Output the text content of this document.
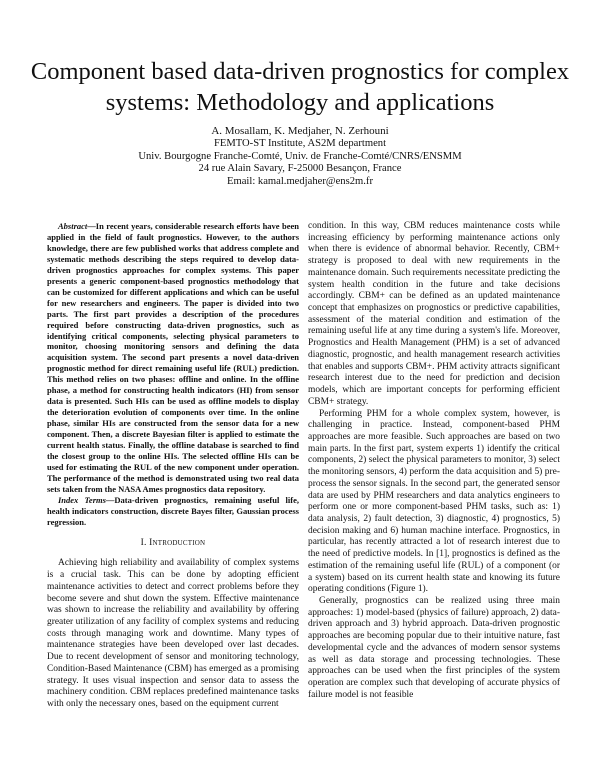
Component based data-driven prognostics for complex systems: Methodology and applications
A. Mosallam, K. Medjaher, N. Zerhouni
FEMTO-ST Institute, AS2M department
Univ. Bourgogne Franche-Comté, Univ. de Franche-Comté/CNRS/ENSMM
24 rue Alain Savary, F-25000 Besançon, France
Email: kamal.medjaher@ens2m.fr

Abstract—In recent years, considerable research efforts have been applied in the field of fault prognostics. However, to the authors knowledge, there are few published works that address complete and systematic methods describing the steps required to develop data-driven prognostics approaches for complex systems. This paper presents a generic component-based prognostics methodology that can be customized for different applications and which can be useful for new researchers and engineers. The paper is divided into two parts. The first part provides a description of the procedures required before constructing data-driven prognostics, such as identifying critical components, selecting physical parameters to monitor, choosing monitoring sensors and defining the data acquisition system. The second part presents a novel data-driven prognostic method for direct remaining useful life (RUL) prediction. This method relies on two phases: offline and online. In the offline phase, a method for constructing health indicators (HI) from sensor data is presented. Such HIs can be used as offline models to display the deterioration evolution of components over time. In the online phase, similar HIs are constructed from the sensor data for a new component. Then, a discrete Bayesian filter is applied to estimate the current health status. Finally, the offline database is searched to find the closest group to the online HIs. The selected offline HIs can be used for estimating the RUL of the new component under operation. The performance of the method is demonstrated using two real data sets taken from the NASA Ames prognostics data repository.

Index Terms—Data-driven prognostics, remaining useful life, health indicators construction, discrete Bayes filter, Gaussian process regression.

I. Introduction

Achieving high reliability and availability of complex systems is a crucial task. This can be done by adopting efficient maintenance activities to detect and correct problems before they become severe and shut down the system. Effective maintenance was shown to increase the reliability and availability by offering greater utilization of any facility of complex systems and reducing costs through managing work and downtime. Many types of maintenance strategies have been developed over last decades. Due to recent development of sensor and monitoring technology, Condition-Based Maintenance (CBM) has emerged as a promising strategy. It uses visual inspection and sensor data to assess the machinery condition. CBM replaces predefined maintenance tasks with only the necessary ones, based on the equipment current

condition. In this way, CBM reduces maintenance costs while increasing efficiency by performing maintenance actions only when there is evidence of abnormal behavior. Recently, CBM+ strategy is proposed to deal with new requirements in the maintenance domain. Such requirements necessitate predicting the system health condition in the future and take decisions accordingly. CBM+ can be defined as an updated maintenance concept that emphasizes on prognostics or predictive capabilities, assessment of the material condition and estimation of the remaining useful life at any time during a system's life. Moreover, Prognostics and Health Management (PHM) is a set of advanced diagnostic, prognostic, and health management research activities that enables and supports CBM+. PHM activity attracts significant research interest due to the need for prediction and decision models, which are important concepts for performing efficient CBM+ strategy.

Performing PHM for a whole complex system, however, is challenging in practice. Instead, component-based PHM approaches are more feasible. Such approaches are based on two main parts. In the first part, system experts 1) identify the critical components, 2) select the physical parameters to monitor, 3) select the monitoring sensors, 4) perform the data acquisition and 5) pre-process the sensor signals. In the second part, the generated sensor data are used by PHM researchers and data analytics engineers to perform one or more component-based PHM tasks, such as: 1) data analysis, 2) fault detection, 3) diagnostic, 4) prognostics, 5) decision making and 6) human machine interface. Prognostics, in particular, has recently attracted a lot of research interest due to the need of predictive models. In [1], prognostics is defined as the estimation of the remaining useful life (RUL) of a component (or a system) based on its current health state and knowing its future operating conditions (Figure 1).

Generally, prognostics can be realized using three main approaches: 1) model-based (physics of failure) approach, 2) data-driven approach and 3) hybrid approach. Data-driven prognostic approaches are becoming popular due to their intuitive nature, fast developmental cycle and the advances of modern sensor systems as well as data storage and processing technologies. These approaches can be used when the first principles of the system operation are complex such that developing of accurate physics of failure model is not feasible
